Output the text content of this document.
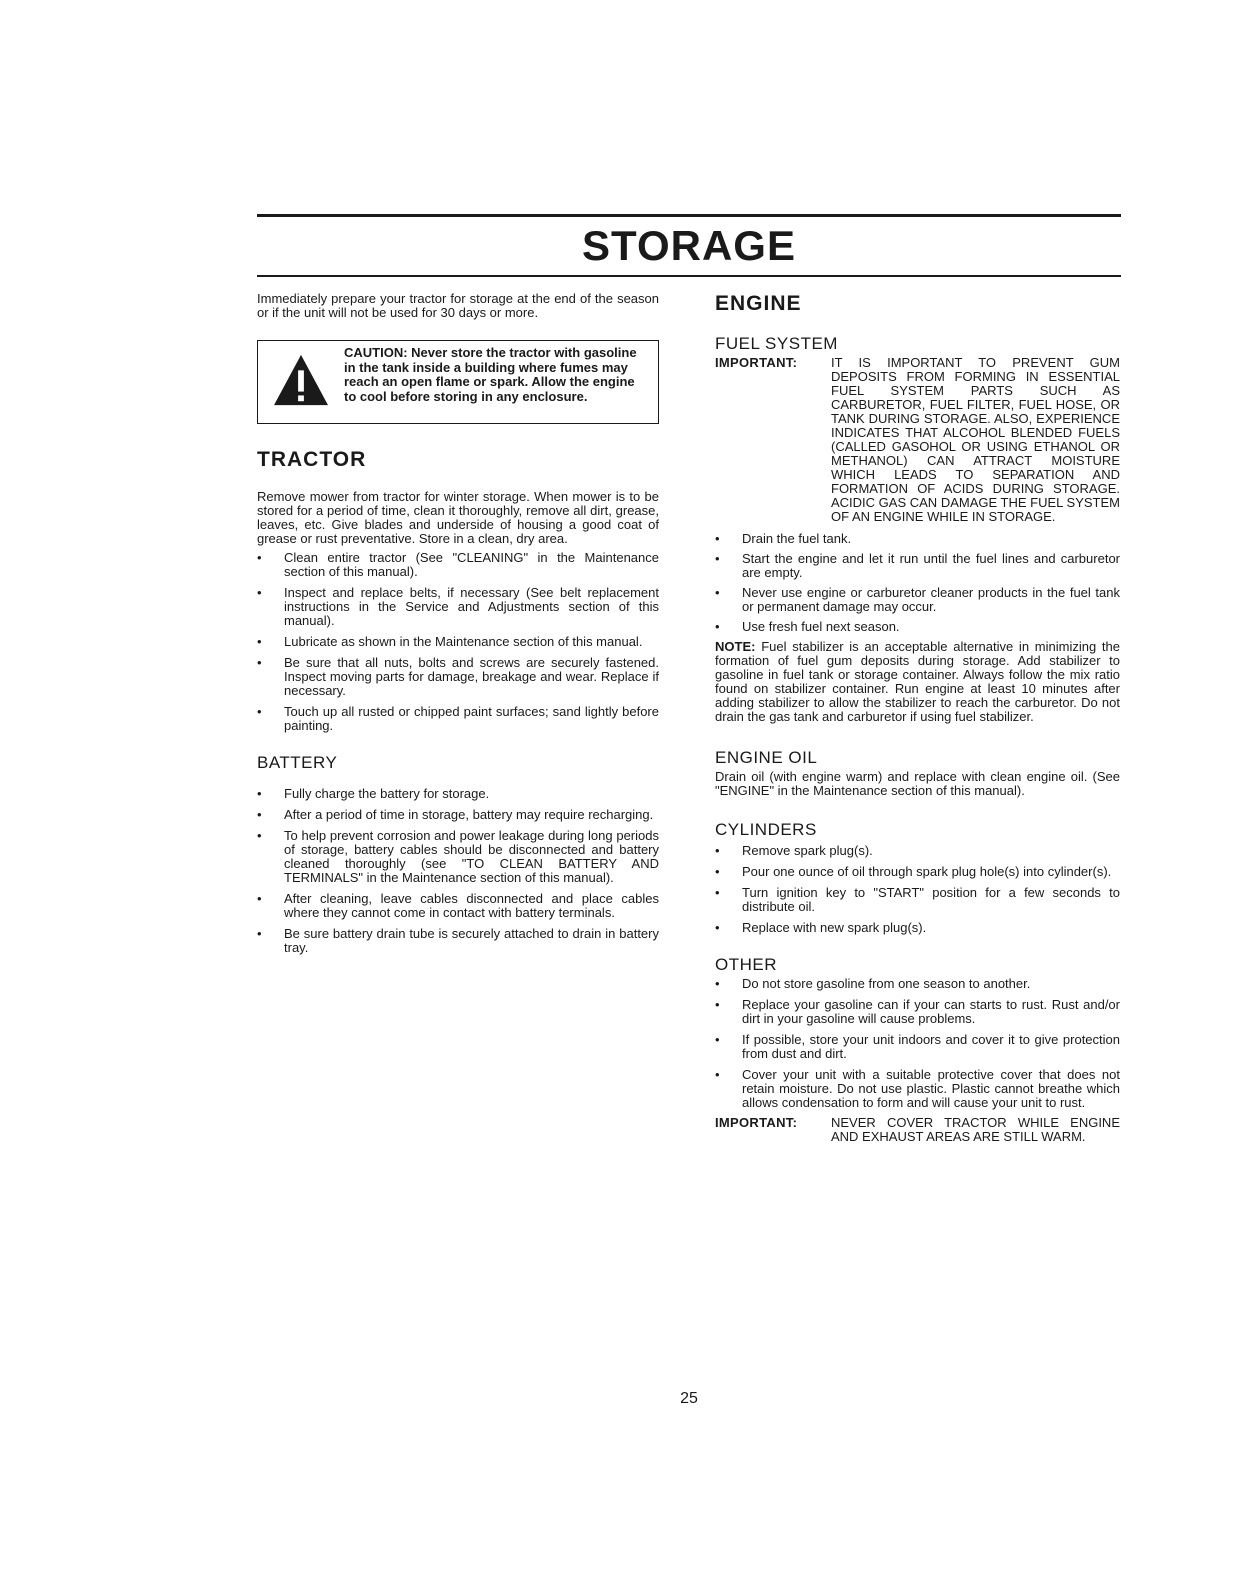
STORAGE

Immediately prepare your tractor for storage at the end of the season or if the unit will not be used for 30 days or more.

CAUTION: Never store the tractor with gasoline in the tank inside a building where fumes may reach an open flame or spark. Allow the engine to cool before storing in any enclosure.
TRACTOR

Remove mower from tractor for winter storage. When mower is to be stored for a period of time, clean it thoroughly, remove all dirt, grease, leaves, etc. Give blades and underside of housing a good coat of grease or rust preventative. Store in a clean, dry area.

• Clean entire tractor (See "CLEANING" in the Maintenance section of this manual).
• Inspect and replace belts, if necessary (See belt replacement instructions in the Service and Adjustments section of this manual).
• Lubricate as shown in the Maintenance section of this manual.
• Be sure that all nuts, bolts and screws are securely fastened. Inspect moving parts for damage, breakage and wear. Replace if necessary.
• Touch up all rusted or chipped paint surfaces; sand lightly before painting.
BATTERY
• Fully charge the battery for storage.
• After a period of time in storage, battery may require recharging.
• To help prevent corrosion and power leakage during long periods of storage, battery cables should be disconnected and battery cleaned thoroughly (see "TO CLEAN BATTERY AND TERMINALS" in the Maintenance section of this manual).
• After cleaning, leave cables disconnected and place cables where they cannot come in contact with battery terminals.
• Be sure battery drain tube is securely attached to drain in battery tray.
ENGINE
FUEL SYSTEM
IMPORTANT:	IT IS IMPORTANT TO PREVENT GUM DEPOSITS FROM FORMING IN ESSENTIAL FUEL SYSTEM PARTS SUCH AS CARBURETOR, FUEL FILTER, FUEL HOSE, OR TANK DURING STORAGE. ALSO, EXPERIENCE INDICATES THAT ALCOHOL BLENDED FUELS (CALLED GASOHOL OR USING ETHANOL OR METHANOL) CAN ATTRACT MOISTURE WHICH LEADS TO SEPARATION AND FORMATION OF ACIDS DURING STORAGE. ACIDIC GAS CAN DAMAGE THE FUEL SYSTEM OF AN ENGINE WHILE IN STORAGE.
• Drain the fuel tank.
• Start the engine and let it run until the fuel lines and carburetor are empty.
• Never use engine or carburetor cleaner products in the fuel tank or permanent damage may occur.
• Use fresh fuel next season.

NOTE: Fuel stabilizer is an acceptable alternative in minimizing the formation of fuel gum deposits during storage. Add stabilizer to gasoline in fuel tank or storage container. Always follow the mix ratio found on stabilizer container. Run engine at least 10 minutes after adding stabilizer to allow the stabilizer to reach the carburetor. Do not drain the gas tank and carburetor if using fuel stabilizer.

ENGINE OIL

Drain oil (with engine warm) and replace with clean engine oil. (See "ENGINE" in the Maintenance section of this manual).

CYLINDERS
• Remove spark plug(s).
• Pour one ounce of oil through spark plug hole(s) into cylinder(s).
• Turn ignition key to "START" position for a few seconds to distribute oil.
• Replace with new spark plug(s).
OTHER
• Do not store gasoline from one season to another.
• Replace your gasoline can if your can starts to rust. Rust and/or dirt in your gasoline will cause problems.
• If possible, store your unit indoors and cover it to give protection from dust and dirt.
• Cover your unit with a suitable protective cover that does not retain moisture. Do not use plastic. Plastic cannot breathe which allows condensation to form and will cause your unit to rust.
IMPORTANT:	NEVER COVER TRACTOR WHILE ENGINE AND EXHAUST AREAS ARE STILL WARM.
25
